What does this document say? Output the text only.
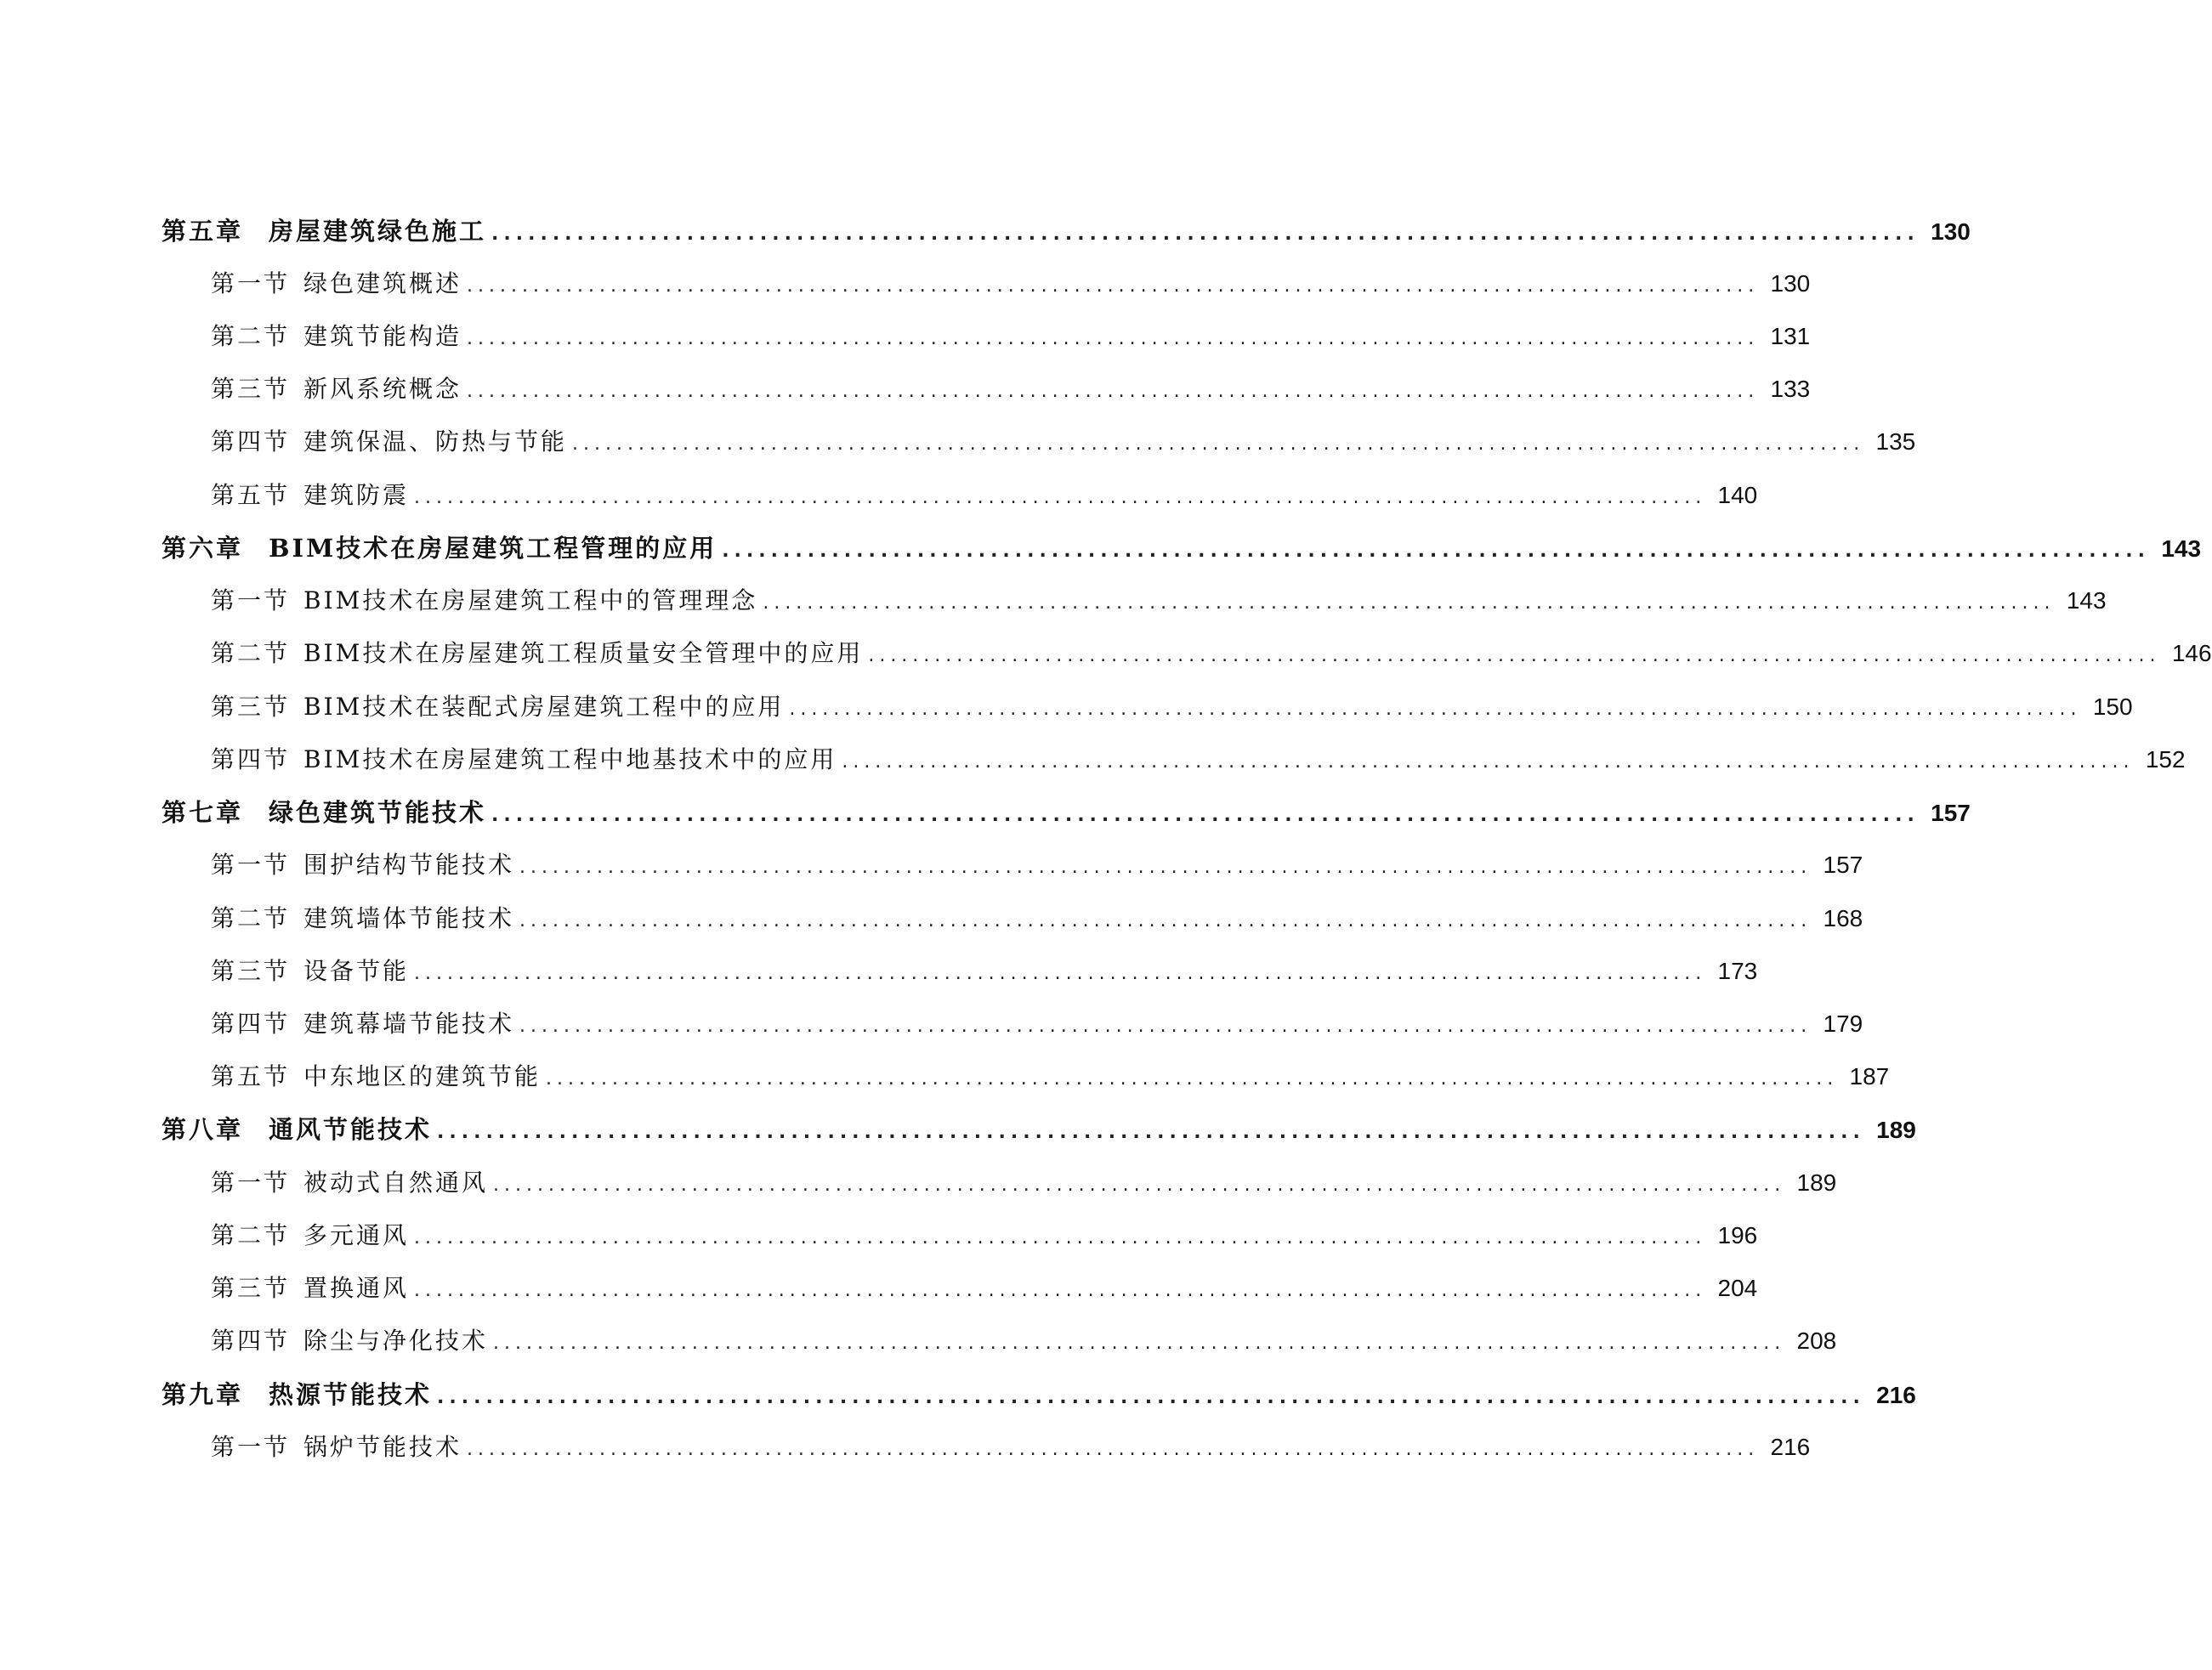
第五章 房屋建筑绿色施工 ..................................................................................................................... 130
第一节 绿色建筑概述 ..................................................................................................................... 130
第二节 建筑节能构造 ..................................................................................................................... 131
第三节 新风系统概念 ..................................................................................................................... 133
第四节 建筑保温、防热与节能 ..................................................................................................................... 135
第五节 建筑防震 ..................................................................................................................... 140
第六章 BIM技术在房屋建筑工程管理的应用 ..................................................................................................................... 143
第一节 BIM技术在房屋建筑工程中的管理理念 ..................................................................................................................... 143
第二节 BIM技术在房屋建筑工程质量安全管理中的应用 ..................................................................................................................... 146
第三节 BIM技术在装配式房屋建筑工程中的应用 ..................................................................................................................... 150
第四节 BIM技术在房屋建筑工程中地基技术中的应用 ..................................................................................................................... 152
第七章 绿色建筑节能技术 ..................................................................................................................... 157
第一节 围护结构节能技术 ..................................................................................................................... 157
第二节 建筑墙体节能技术 ..................................................................................................................... 168
第三节 设备节能 ..................................................................................................................... 173
第四节 建筑幕墙节能技术 ..................................................................................................................... 179
第五节 中东地区的建筑节能 ..................................................................................................................... 187
第八章 通风节能技术 ..................................................................................................................... 189
第一节 被动式自然通风 ..................................................................................................................... 189
第二节 多元通风 ..................................................................................................................... 196
第三节 置换通风 ..................................................................................................................... 204
第四节 除尘与净化技术 ..................................................................................................................... 208
第九章 热源节能技术 ..................................................................................................................... 216
第一节 锅炉节能技术 ..................................................................................................................... 216
